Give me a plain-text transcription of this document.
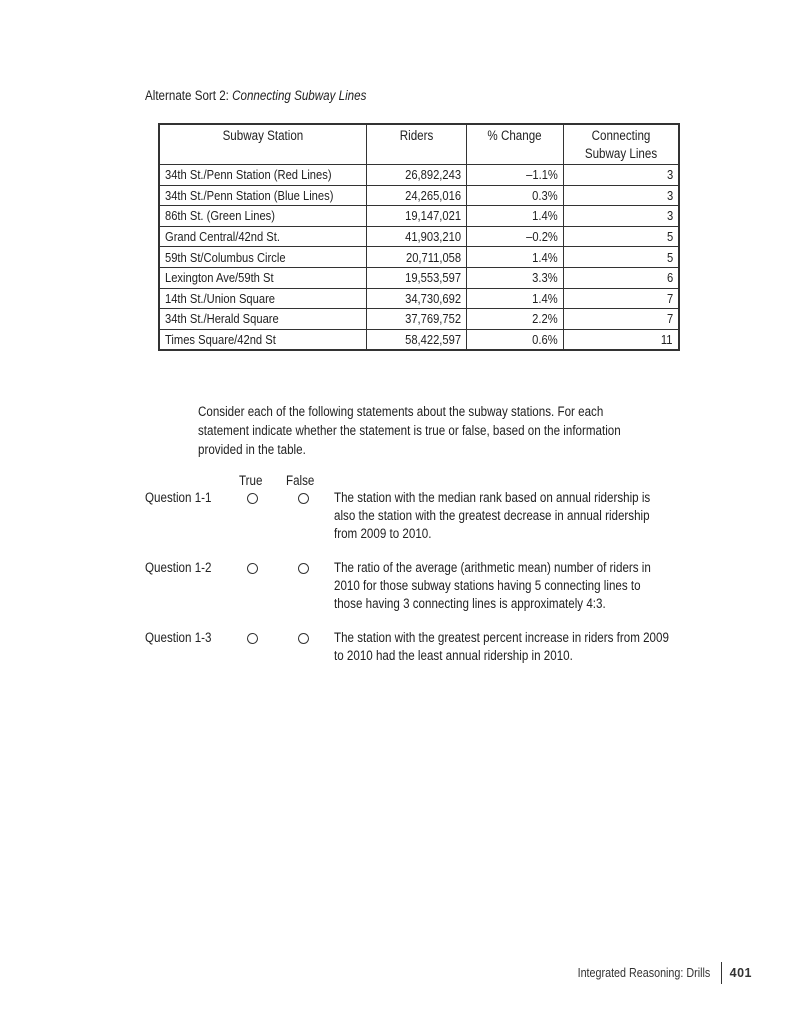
Alternate Sort 2: Connecting Subway Lines
Subway Station	Riders	% Change	Connecting Subway Lines
34th St./Penn Station (Red Lines)	26,892,243	–1.1%	3
34th St./Penn Station (Blue Lines)	24,265,016	0.3%	3
86th St. (Green Lines)	19,147,021	1.4%	3
Grand Central/42nd St.	41,903,210	–0.2%	5
59th St/Columbus Circle	20,711,058	1.4%	5
Lexington Ave/59th St	19,553,597	3.3%	6
14th St./Union Square	34,730,692	1.4%	7
34th St./Herald Square	37,769,752	2.2%	7
Times Square/42nd St	58,422,597	0.6%	11
Consider each of the following statements about the subway stations. For each statement indicate whether the statement is true or false, based on the information provided in the table.
True False
Question 1-1	The station with the median rank based on annual ridership is also the station with the greatest decrease in annual ridership from 2009 to 2010.
Question 1-2	The ratio of the average (arithmetic mean) number of riders in 2010 for those subway stations having 5 connecting lines to those having 3 connecting lines is approximately 4:3.
Question 1-3	The station with the greatest percent increase in riders from 2009 to 2010 had the least annual ridership in 2010.
Integrated Reasoning: Drills 401
